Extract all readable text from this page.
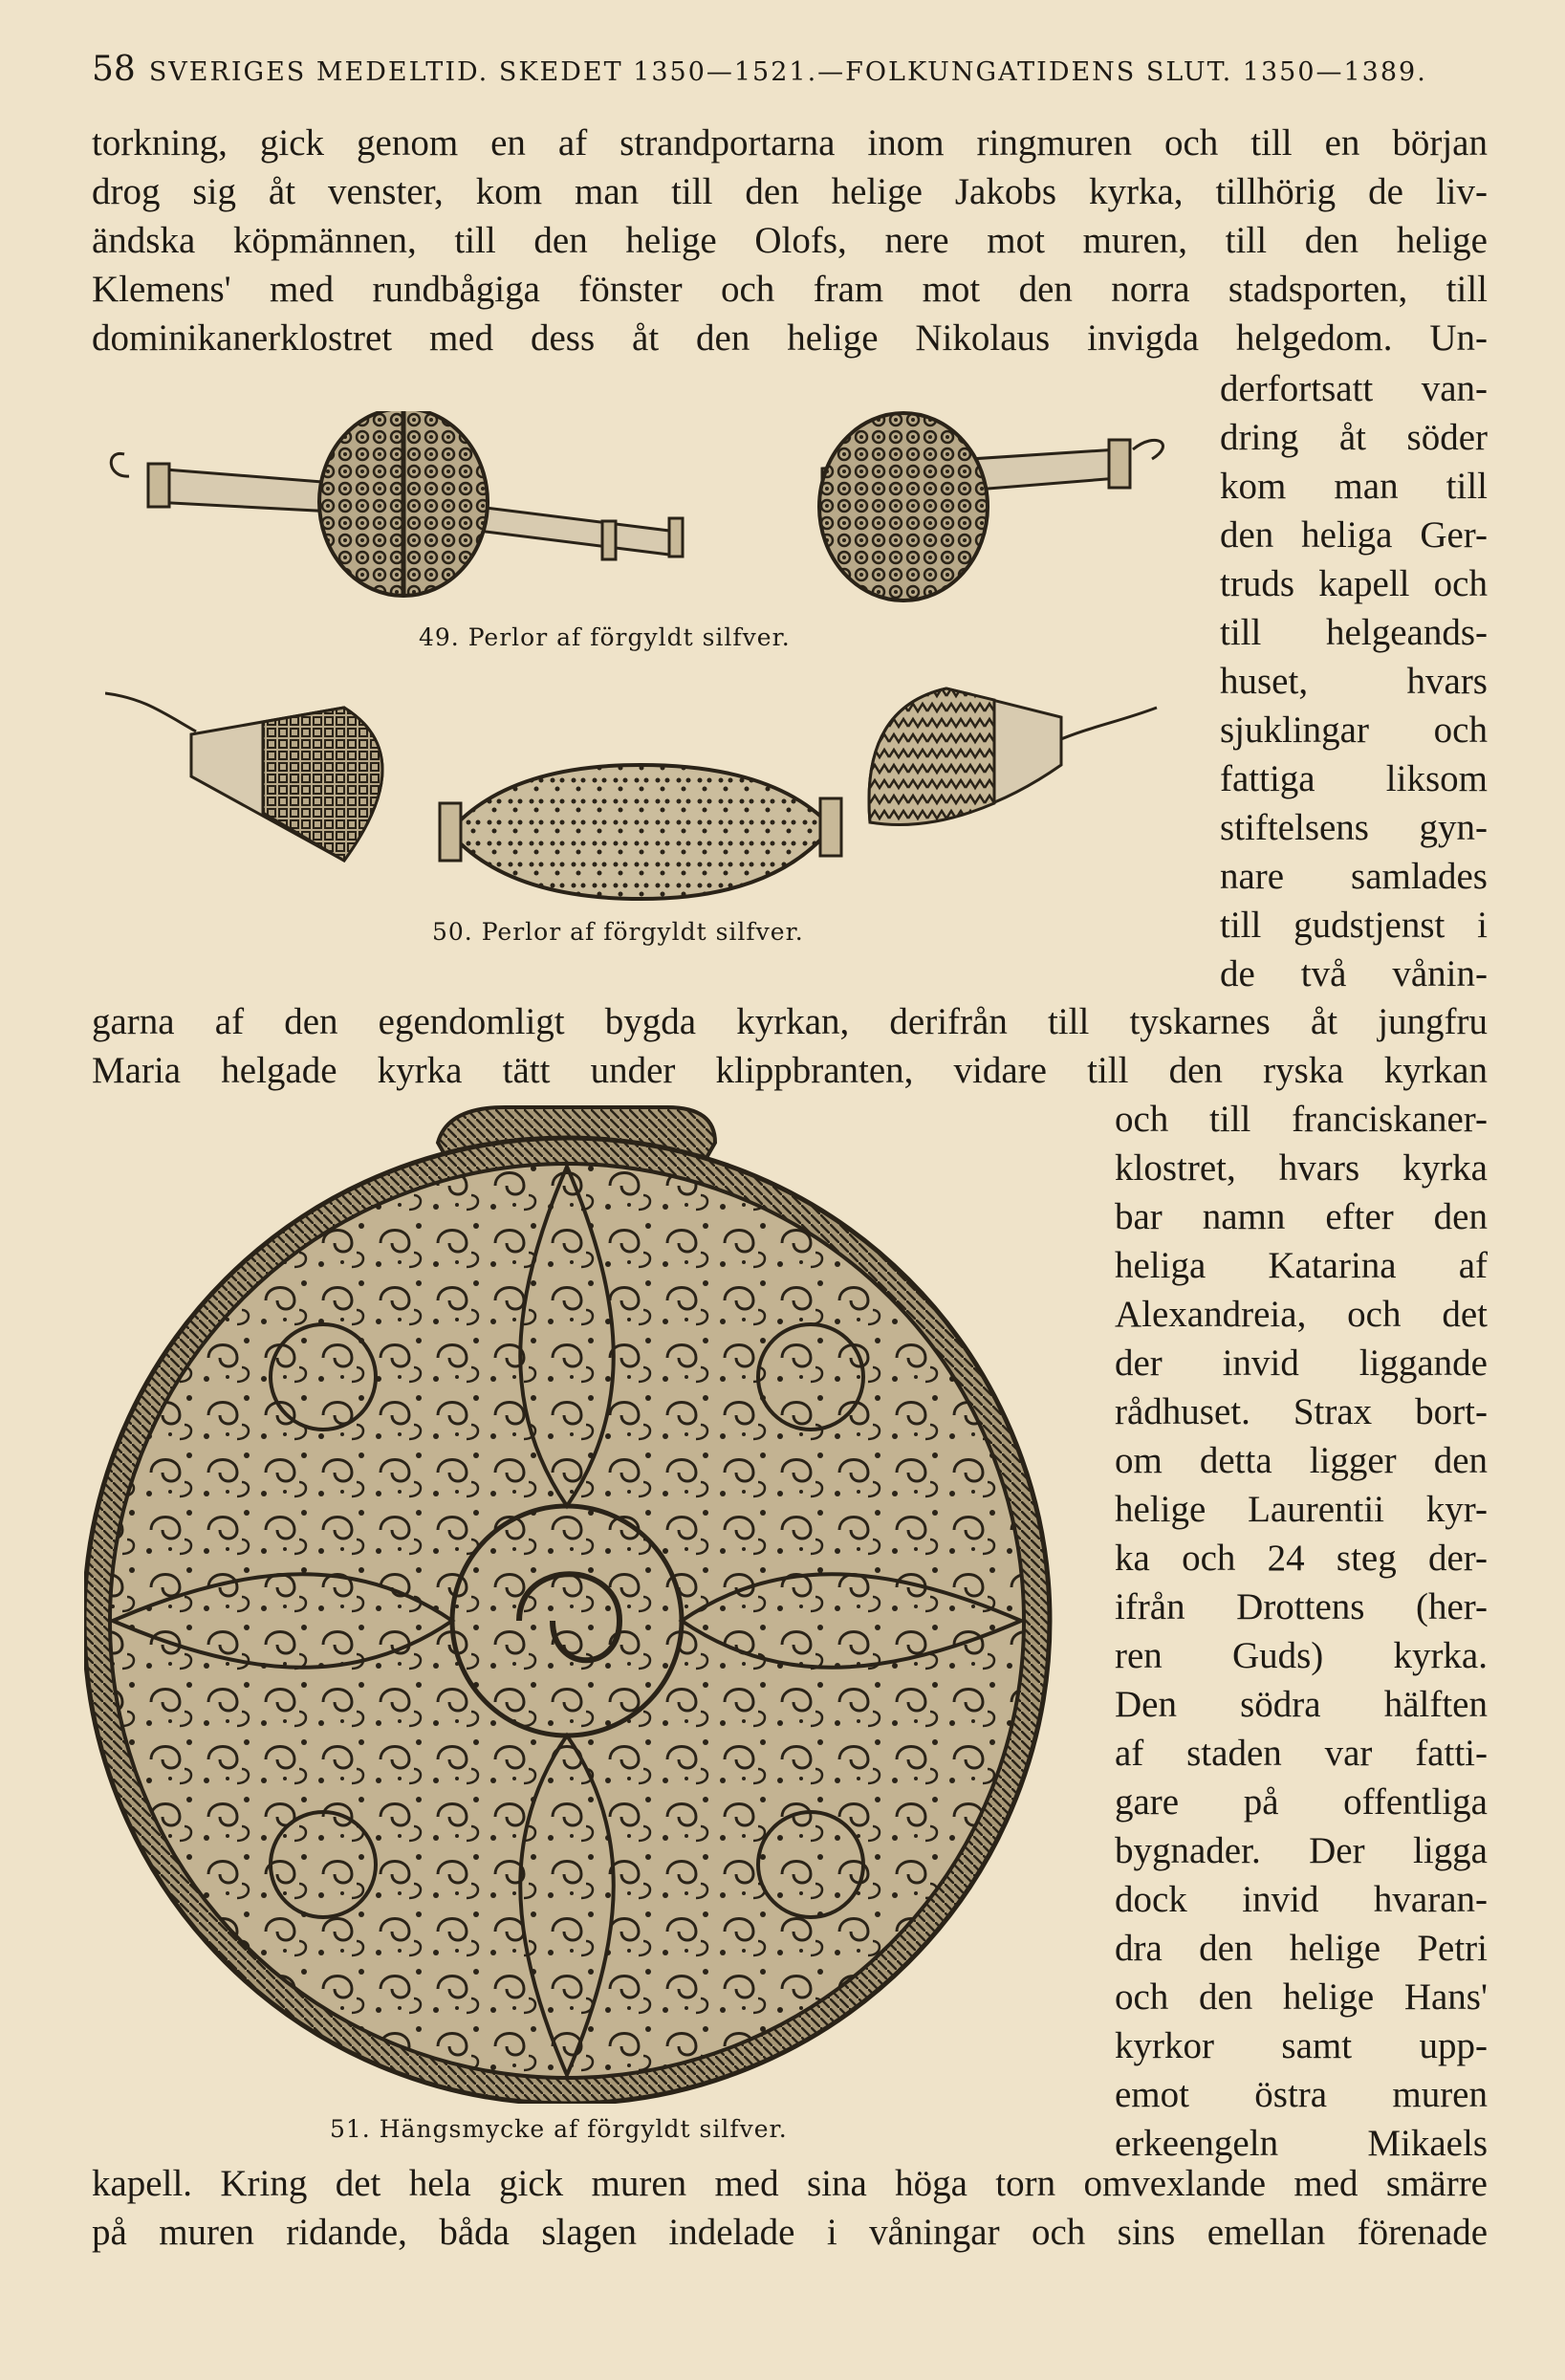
58 SVERIGES MEDELTID. SKEDET 1350—1521.—FOLKUNGATIDENS SLUT. 1350—1389.
torkning, gick genom en af strandportarna inom ringmuren och till en början
drog sig åt venster, kom man till den helige Jakobs kyrka, tillhörig de liv-
ändska köpmännen, till den helige Olofs, nere mot muren, till den helige
Klemens' med rundbågiga fönster och fram mot den norra stadsporten, till
dominikanerklostret med dess åt den helige Nikolaus invigda helgedom. Un-
derfortsatt van-
dring åt söder
kom man till
den heliga Ger-
truds kapell och
till helgeands-
huset, hvars
sjuklingar och
fattiga liksom
stiftelsens gyn-
nare samlades
till gudstjenst i
de två vånin-
garna af den egendomligt bygda kyrkan, derifrån till tyskarnes åt jungfru
Maria helgade kyrka tätt under klippbranten, vidare till den ryska kyrkan
och till franciskaner-
klostret, hvars kyrka
bar namn efter den
heliga Katarina af
Alexandreia, och det
der invid liggande
rådhuset. Strax bort-
om detta ligger den
helige Laurentii kyr-
ka och 24 steg der-
ifrån Drottens (her-
ren Guds) kyrka.
Den södra hälften
af staden var fatti-
gare på offentliga
bygnader. Der ligga
dock invid hvaran-
dra den helige Petri
och den helige Hans'
kyrkor samt upp-
emot östra muren
erkeengeln Mikaels
kapell. Kring det hela gick muren med sina höga torn omvexlande med smärre
på muren ridande, båda slagen indelade i våningar och sins emellan förenade
49. Perlor af förgyldt silfver.
50. Perlor af förgyldt silfver.
51. Hängsmycke af förgyldt silfver.
